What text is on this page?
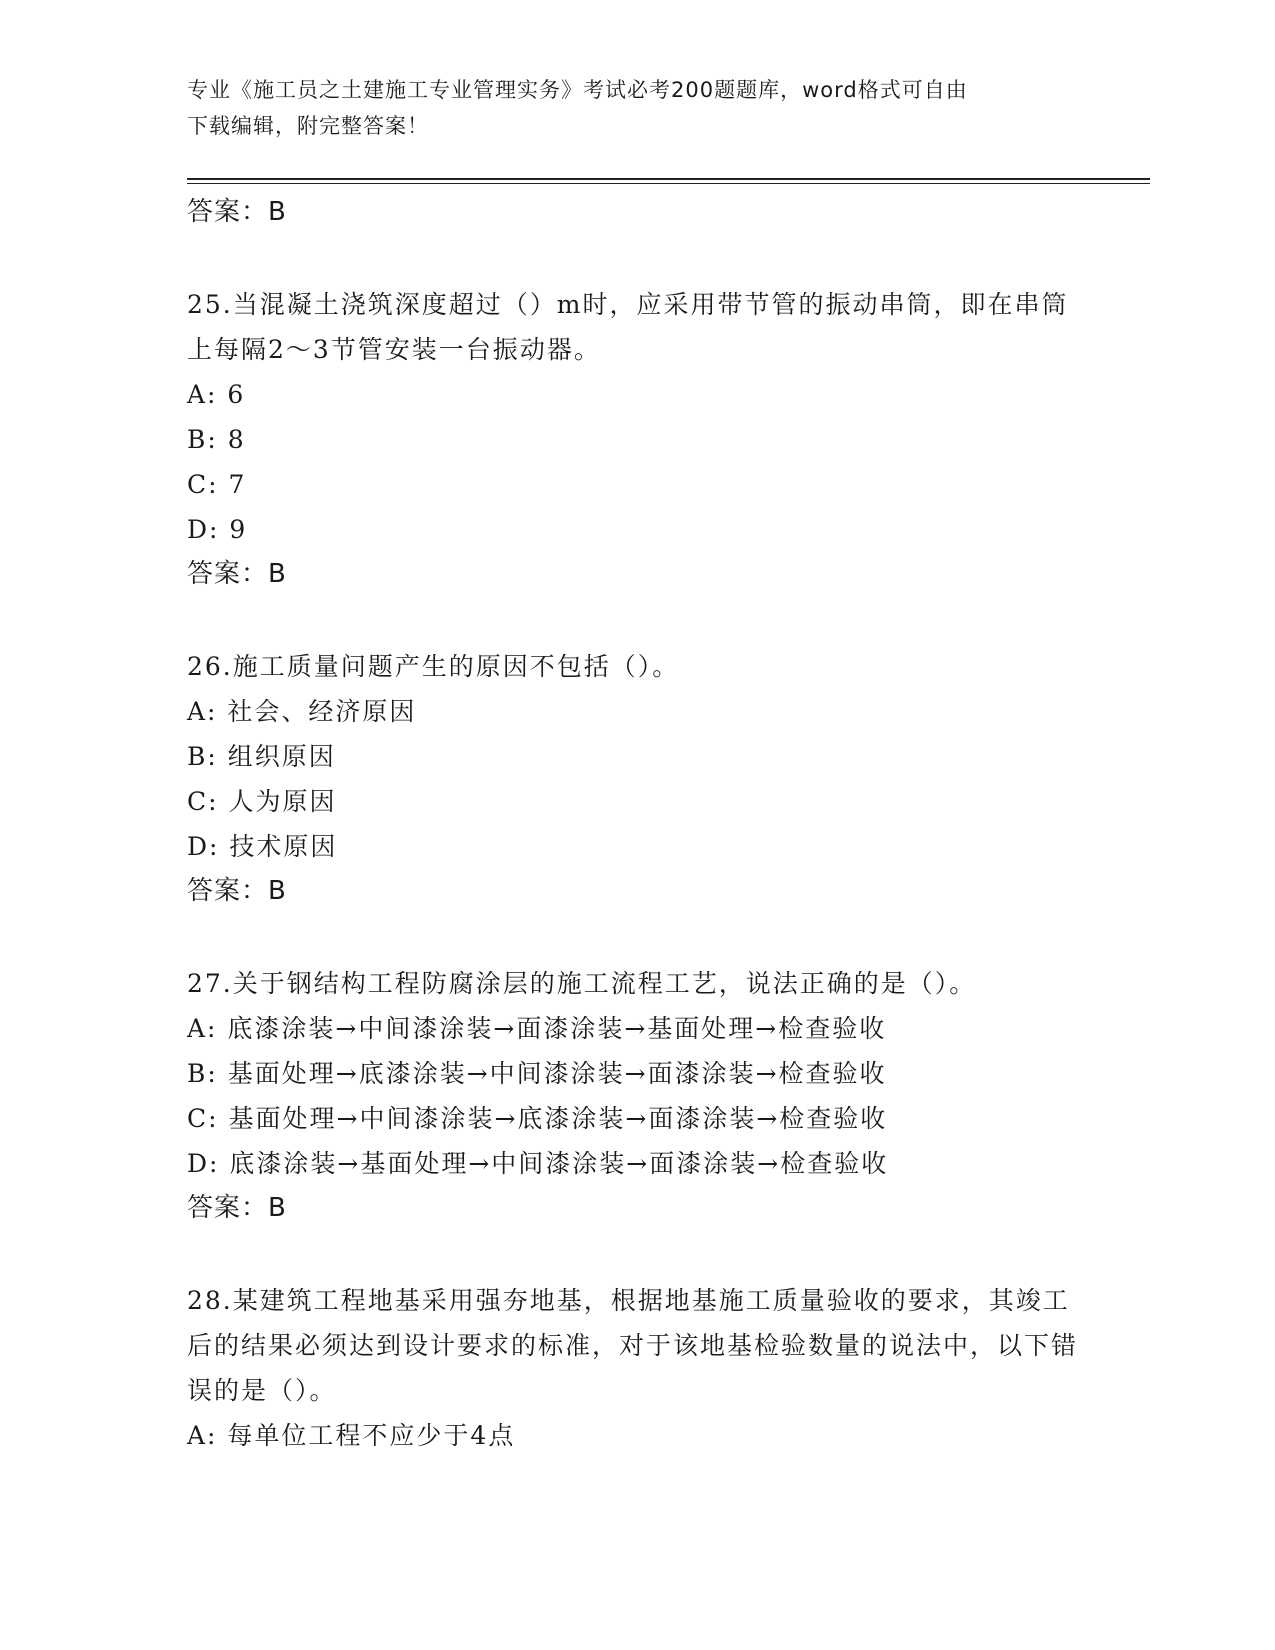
专业《施工员之土建施工专业管理实务》考试必考200题题库，word格式可自由
下载编辑，附完整答案！
答案：B
25.当混凝土浇筑深度超过（）m时，应采用带节管的振动串筒，即在串筒上每隔2～3节管安装一台振动器。
A: 6
B: 8
C: 7
D: 9
答案：B
26.施工质量问题产生的原因不包括（）。
A: 社会、经济原因
B: 组织原因
C: 人为原因
D: 技术原因
答案：B
27.关于钢结构工程防腐涂层的施工流程工艺，说法正确的是（）。
A: 底漆涂装→中间漆涂装→面漆涂装→基面处理→检查验收
B: 基面处理→底漆涂装→中间漆涂装→面漆涂装→检查验收
C: 基面处理→中间漆涂装→底漆涂装→面漆涂装→检查验收
D: 底漆涂装→基面处理→中间漆涂装→面漆涂装→检查验收
答案：B
28.某建筑工程地基采用强夯地基，根据地基施工质量验收的要求，其竣工后的结果必须达到设计要求的标准，对于该地基检验数量的说法中，以下错误的是（）。
A: 每单位工程不应少于4点
